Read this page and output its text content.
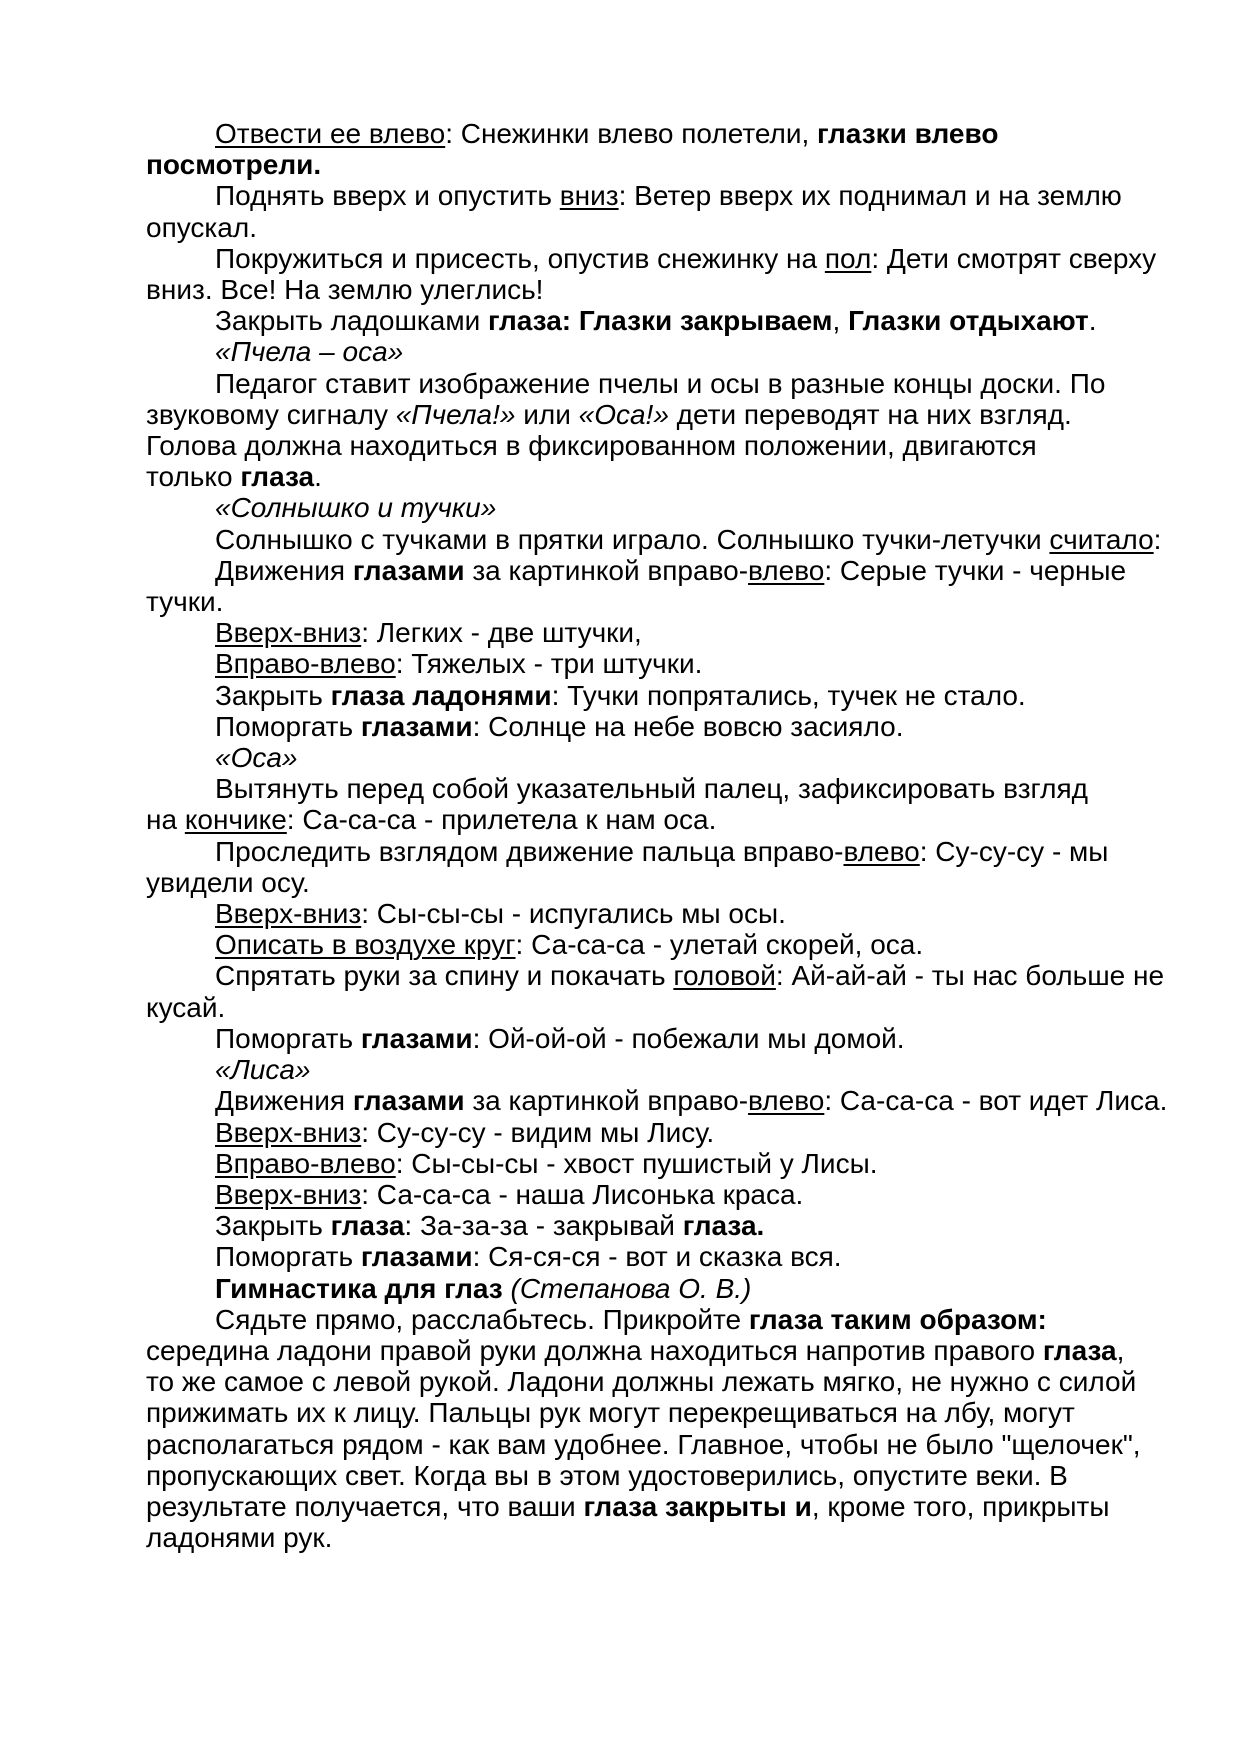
Отвести ее влево: Снежинки влево полетели, глазки влево
посмотрели.
Поднять вверх и опустить вниз: Ветер вверх их поднимал и на землю
опускал.
Покружиться и присесть, опустив снежинку на пол: Дети смотрят сверху
вниз. Все! На землю улеглись!
Закрыть ладошками глаза: Глазки закрываем, Глазки отдыхают.
«Пчела – оса»
Педагог ставит изображение пчелы и осы в разные концы доски. По
звуковому сигналу «Пчела!» или «Оса!» дети переводят на них взгляд.
Голова должна находиться в фиксированном положении, двигаются
только глаза.
«Солнышко и тучки»
Солнышко с тучками в прятки играло. Солнышко тучки-летучки считало:
Движения глазами за картинкой вправо-влево: Серые тучки - черные
тучки.
Вверх-вниз: Легких - две штучки,
Вправо-влево: Тяжелых - три штучки.
Закрыть глаза ладонями: Тучки попрятались, тучек не стало.
Поморгать глазами: Солнце на небе вовсю засияло.
«Оса»
Вытянуть перед собой указательный палец, зафиксировать взгляд
на кончике: Са-са-са - прилетела к нам оса.
Проследить взглядом движение пальца вправо-влево: Су-су-су - мы
увидели осу.
Вверх-вниз: Сы-сы-сы - испугались мы осы.
Описать в воздухе круг: Са-са-са - улетай скорей, оса.
Спрятать руки за спину и покачать головой: Ай-ай-ай - ты нас больше не
кусай.
Поморгать глазами: Ой-ой-ой - побежали мы домой.
«Лиса»
Движения глазами за картинкой вправо-влево: Са-са-са - вот идет Лиса.
Вверх-вниз: Су-су-су - видим мы Лису.
Вправо-влево: Сы-сы-сы - хвост пушистый у Лисы.
Вверх-вниз: Са-са-са - наша Лисонька краса.
Закрыть глаза: За-за-за - закрывай глаза.
Поморгать глазами: Ся-ся-ся - вот и сказка вся.
Гимнастика для глаз (Степанова О. В.)
Сядьте прямо, расслабьтесь. Прикройте глаза таким образом:
середина ладони правой руки должна находиться напротив правого глаза,
то же самое с левой рукой. Ладони должны лежать мягко, не нужно с силой
прижимать их к лицу. Пальцы рук могут перекрещиваться на лбу, могут
располагаться рядом - как вам удобнее. Главное, чтобы не было "щелочек",
пропускающих свет. Когда вы в этом удостоверились, опустите веки. В
результате получается, что ваши глаза закрыты и, кроме того, прикрыты
ладонями рук.
